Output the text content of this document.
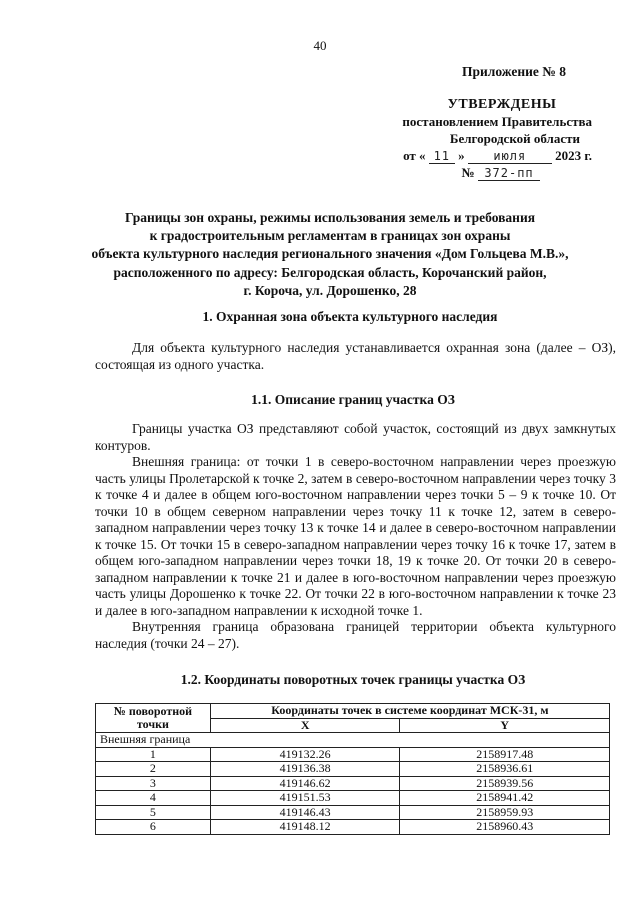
40
Приложение № 8
УТВЕРЖДЕНЫ
постановлением Правительства
Белгородской области
от « 11 » июля 2023 г.
№ 372-пп
Границы зон охраны, режимы использования земель и требования
к градостроительным регламентам в границах зон охраны
объекта культурного наследия регионального значения «Дом Гольцева М.В.»,
расположенного по адресу: Белгородская область, Корочанский район,
г. Короча, ул. Дорошенко, 28
1. Охранная зона объекта культурного наследия

Для объекта культурного наследия устанавливается охранная зона (далее – ОЗ), состоящая из одного участка.

1.1. Описание границ участка ОЗ

Границы участка ОЗ представляют собой участок, состоящий из двух замкнутых контуров.

Внешняя граница: от точки 1 в северо-восточном направлении через проезжую часть улицы Пролетарской к точке 2, затем в северо-восточном направлении через точку 3 к точке 4 и далее в общем юго-восточном направлении через точки 5 – 9 к точке 10. От точки 10 в общем северном направлении через точку 11 к точке 12, затем в северо-западном направлении через точку 13 к точке 14 и далее в северо-восточном направлении к точке 15. От точки 15 в северо-западном направлении через точку 16 к точке 17, затем в общем юго-западном направлении через точки 18, 19 к точке 20. От точки 20 в северо-западном направлении к точке 21 и далее в юго-восточном направлении через проезжую часть улицы Дорошенко к точке 22. От точки 22 в юго-восточном направлении к точке 23 и далее в юго-западном направлении к исходной точке 1.

Внутренняя граница образована границей территории объекта культурного наследия (точки 24 – 27).

1.2. Координаты поворотных точек границы участка ОЗ
№ поворотной точки	Координаты точек в системе координат МСК-31, м	
	X	Y
Внешняя граница		
1	419132.26	2158917.48
2	419136.38	2158936.61
3	419146.62	2158939.56
4	419151.53	2158941.42
5	419146.43	2158959.93
6	419148.12	2158960.43
